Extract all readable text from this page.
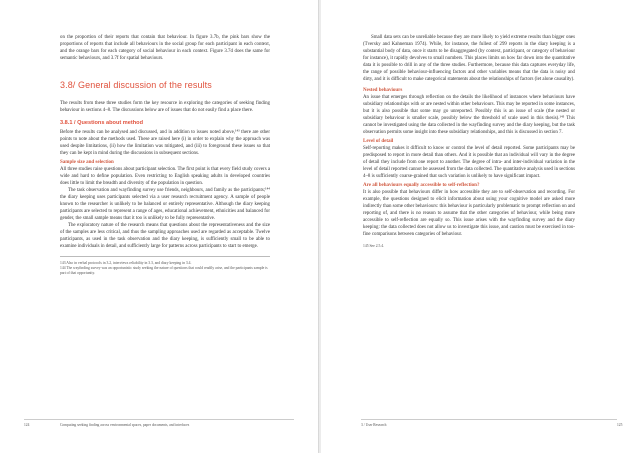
on the proportion of their reports that contain that behaviour. In figure 3.7b, the pink bars show the proportions of reports that include all behaviours in the social group for each participant in each context, and the orange bars for each category of social behaviour in each context. Figure 3.7d does the same for semantic behaviours, and 3.7f for spatial behaviours.

3.8/ General discussion of the results

The results from these three studies form the key resource in exploring the categories of seeking finding behaviour in sections 4–8. The discussions below are of issues that do not easily find a place there.

3.8.1 / Questions about method

Before the results can be analysed and discussed, and in addition to issues noted above,¹⁴³ there are other points to note about the methods used. These are raised here (i) in order to explain why the approach was used despite limitations, (ii) how the limitation was mitigated, and (iii) to foreground these issues so that they can be kept in mind during the discussions in subsequent sections.

Sample size and selection

All three studies raise questions about participant selection. The first point is that every field study covers a wide and hard to define population. Even restricting to English speaking adults in developed countries does little to limit the breadth and diversity of the population in question.

The task observation and wayfinding survey use friends, neighbours, and family as the participants;¹⁴⁴ the diary keeping uses participants selected via a user research recruitment agency. A sample of people known to the researcher is unlikely to be balanced or entirely representative. Although the diary keeping participants are selected to represent a range of ages, educational achievement, ethnicities and balanced for gender, the small sample means that it too is unlikely to be fully representative.

The exploratory nature of the research means that questions about the representativeness and the size of the samples are less critical, and thus the sampling approaches used are regarded as acceptable. Twelve participants, as used in the task observation and the diary keeping, is sufficiently small to be able to examine individuals in detail, and sufficiently large for patterns across participants to start to emerge.

143 Also in verbal protocols in 3.2, interviews reliability in 3.3, and diary keeping in 3.4.

144 The wayfinding survey was an opportunistic study seeking the nature of questions that could readily arise, and the participants sample is part of that opportunity.

124	Computing seeking finding across environmental spaces, paper documents, and interfaces

Small data sets can be unreliable because they are more likely to yield extreme results than bigger ones (Tversky and Kahneman 1974). While, for instance, the fullest of 299 reports in the diary keeping is a substantial body of data, once it starts to be disaggregated (by context, participant, or category of behaviour for instance), it rapidly devolves to small numbers. This places limits on how far down into the quantitative data it is possible to drill in any of the three studies. Furthermore, because this data captures everyday life, the range of possible behaviour-influencing factors and other variables means that the data is noisy and dirty, and it is difficult to make categorical statements about the relationships of factors (let alone causality).

Nested behaviours

An issue that emerges through reflection on the details the likelihood of instances where behaviours have subsidiary relationships with or are nested within other behaviours. This may be reported in some instances, but it is also possible that some may go unreported. Possibly this is an issue of scale (the nested or subsidiary behaviour is smaller scale, possibly below the threshold of scale used in this thesis).¹⁴⁵ This cannot be investigated using the data collected in the wayfinding survey and the diary keeping, but the task observation permits some insight into these subsidiary relationships, and this is discussed in section 7.

Level of detail

Self-reporting makes it difficult to know or control the level of detail reported. Some participants may be predisposed to report in more detail than others. And it is possible that an individual will vary in the degree of detail they include from one report to another. The degree of intra- and inter-individual variation in the level of detail reported cannot be assessed from the data collected. The quantitative analysis used in sections 4–8 is sufficiently coarse-grained that such variation is unlikely to have significant impact.

Are all behaviours equally accessible to self-reflection?

It is also possible that behaviours differ in how accessible they are to self-observation and recording. For example, the questions designed to elicit information about using your cognitive model are asked more indirectly than some other behaviours: this behaviour is particularly problematic to prompt reflection on and reporting of, and there is no reason to assume that the other categories of behaviour, while being more accessible to self-reflection are equally so. This issue arises with the wayfinding survey and the diary keeping: the data collected does not allow us to investigate this issue, and caution must be exercised in too-fine comparisons between categories of behaviour.

145 See 2.5.4.

3 / User Research	125
